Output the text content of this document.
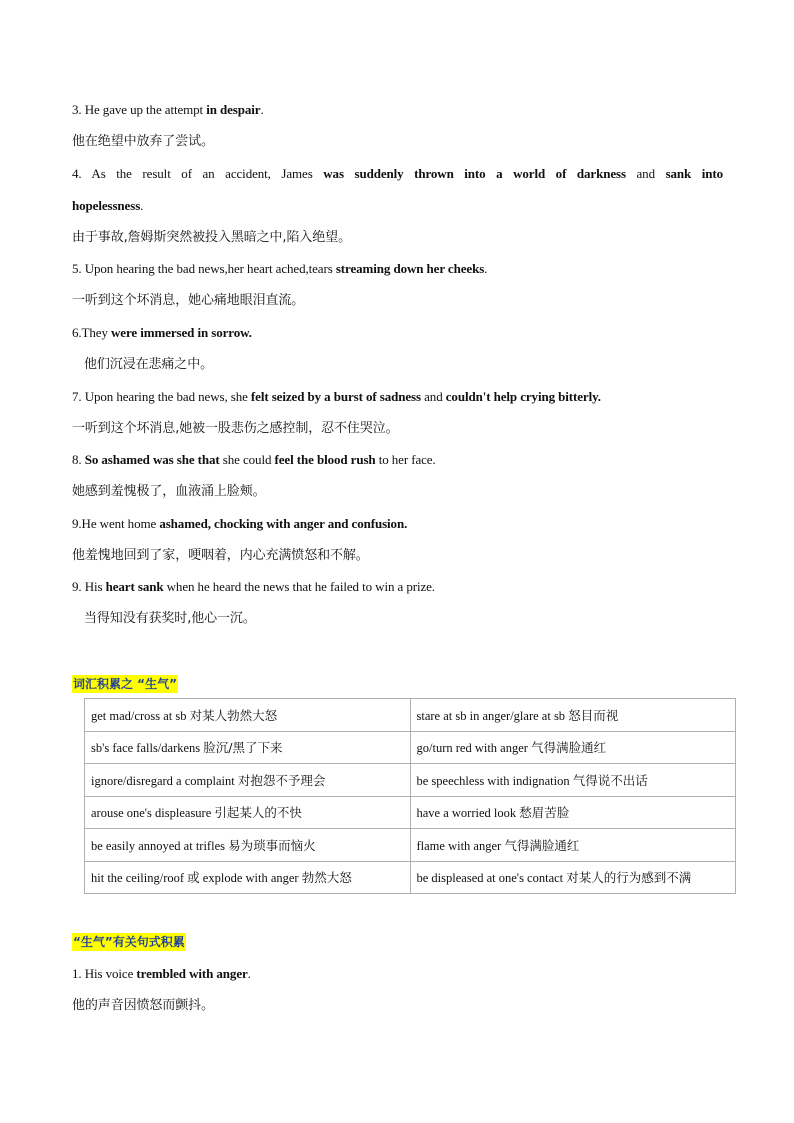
3. He gave up the attempt in despair.
他在绝望中放弃了尝试。
4. As the result of an accident, James was suddenly thrown into a world of darkness and sank into
hopelessness.
由于事故,詹姆斯突然被投入黑暗之中,陷入绝望。
5. Upon hearing the bad news,her heart ached,tears streaming down her cheeks.
一听到这个坏消息，她心痛地眼泪直流。
6.They were immersed in sorrow.
他们沉浸在悲痛之中。
7. Upon hearing the bad news, she felt seized by a burst of sadness and couldn't help crying bitterly.
一听到这个坏消息,她被一股悲伤之感控制，忍不住哭泣。
8. So ashamed was she that she could feel the blood rush to her face.
她感到羞愧极了，血液涌上脸颊。
9.He went home ashamed, chocking with anger and confusion.
他羞愧地回到了家，哽咽着，内心充满愤怒和不解。
9. His heart sank when he heard the news that he failed to win a prize.
当得知没有获奖时,他心一沉。
词汇积累之 “生气”
get mad/cross at sb 对某人勃然大怒	stare at sb in anger/glare at sb 怒目而视
sb's face falls/darkens 脸沉/黑了下来	go/turn red with anger 气得满脸通红
ignore/disregard a complaint 对抱怨不予理会	be speechless with indignation 气得说不出话
arouse one's displeasure 引起某人的不快	have a worried look 愁眉苦脸
be easily annoyed at trifles 易为琐事而恼火	flame with anger 气得满脸通红
hit the ceiling/roof 或 explode with anger 勃然大怒	be displeased at one's contact 对某人的行为感到不满
“生气”有关句式积累
1. His voice trembled with anger.
他的声音因愤怒而颤抖。
